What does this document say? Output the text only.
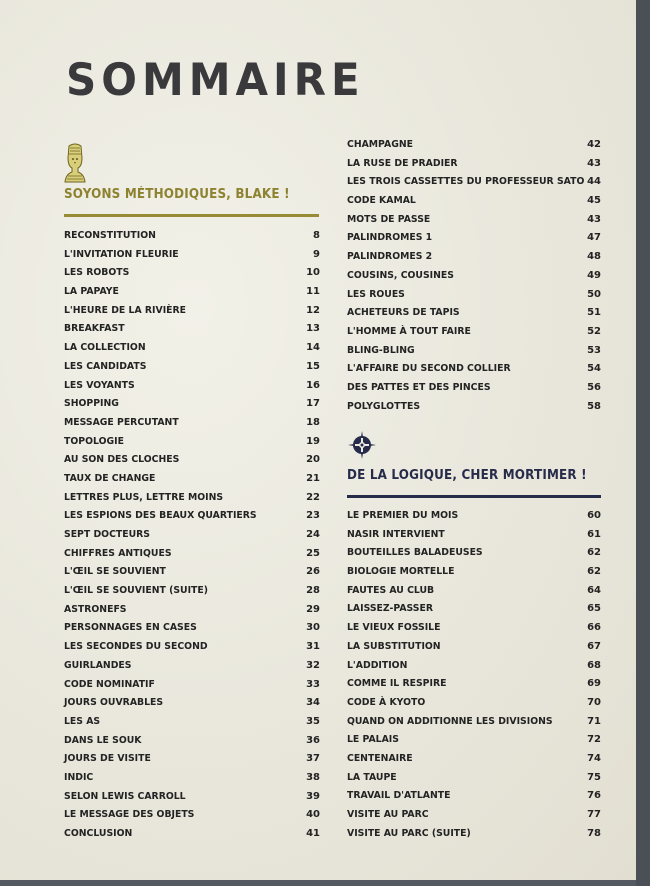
SOMMAIRE
SOYONS MÉTHODIQUES, BLAKE !
RECONSTITUTION	8
L'INVITATION FLEURIE	9
LES ROBOTS	10
LA PAPAYE	11
L'HEURE DE LA RIVIÈRE	12
BREAKFAST	13
LA COLLECTION	14
LES CANDIDATS	15
LES VOYANTS	16
SHOPPING	17
MESSAGE PERCUTANT	18
TOPOLOGIE	19
AU SON DES CLOCHES	20
TAUX DE CHANGE	21
LETTRES PLUS, LETTRE MOINS	22
LES ESPIONS DES BEAUX QUARTIERS	23
SEPT DOCTEURS	24
CHIFFRES ANTIQUES	25
L'ŒIL SE SOUVIENT	26
L'ŒIL SE SOUVIENT (SUITE)	28
ASTRONEFS	29
PERSONNAGES EN CASES	30
LES SECONDES DU SECOND	31
GUIRLANDES	32
CODE NOMINATIF	33
JOURS OUVRABLES	34
LES AS	35
DANS LE SOUK	36
JOURS DE VISITE	37
INDIC	38
SELON LEWIS CARROLL	39
LE MESSAGE DES OBJETS	40
CONCLUSION	41
CHAMPAGNE	42
LA RUSE DE PRADIER	43
LES TROIS CASSETTES DU PROFESSEUR SATO 44
CODE KAMAL	45
MOTS DE PASSE	43
PALINDROMES 1	47
PALINDROMES 2	48
COUSINS, COUSINES	49
LES ROUES	50
ACHETEURS DE TAPIS	51
L'HOMME À TOUT FAIRE	52
BLING-BLING	53
L'AFFAIRE DU SECOND COLLIER	54
DES PATTES ET DES PINCES	56
POLYGLOTTES	58
DE LA LOGIQUE, CHER MORTIMER !
LE PREMIER DU MOIS	60
NASIR INTERVIENT	61
BOUTEILLES BALADEUSES	62
BIOLOGIE MORTELLE	62
FAUTES AU CLUB	64
LAISSEZ-PASSER	65
LE VIEUX FOSSILE	66
LA SUBSTITUTION	67
L'ADDITION	68
COMME IL RESPIRE	69
CODE À KYOTO	70
QUAND ON ADDITIONNE LES DIVISIONS	71
LE PALAIS	72
CENTENAIRE	74
LA TAUPE	75
TRAVAIL D'ATLANTE	76
VISITE AU PARC	77
VISITE AU PARC (SUITE)	78
